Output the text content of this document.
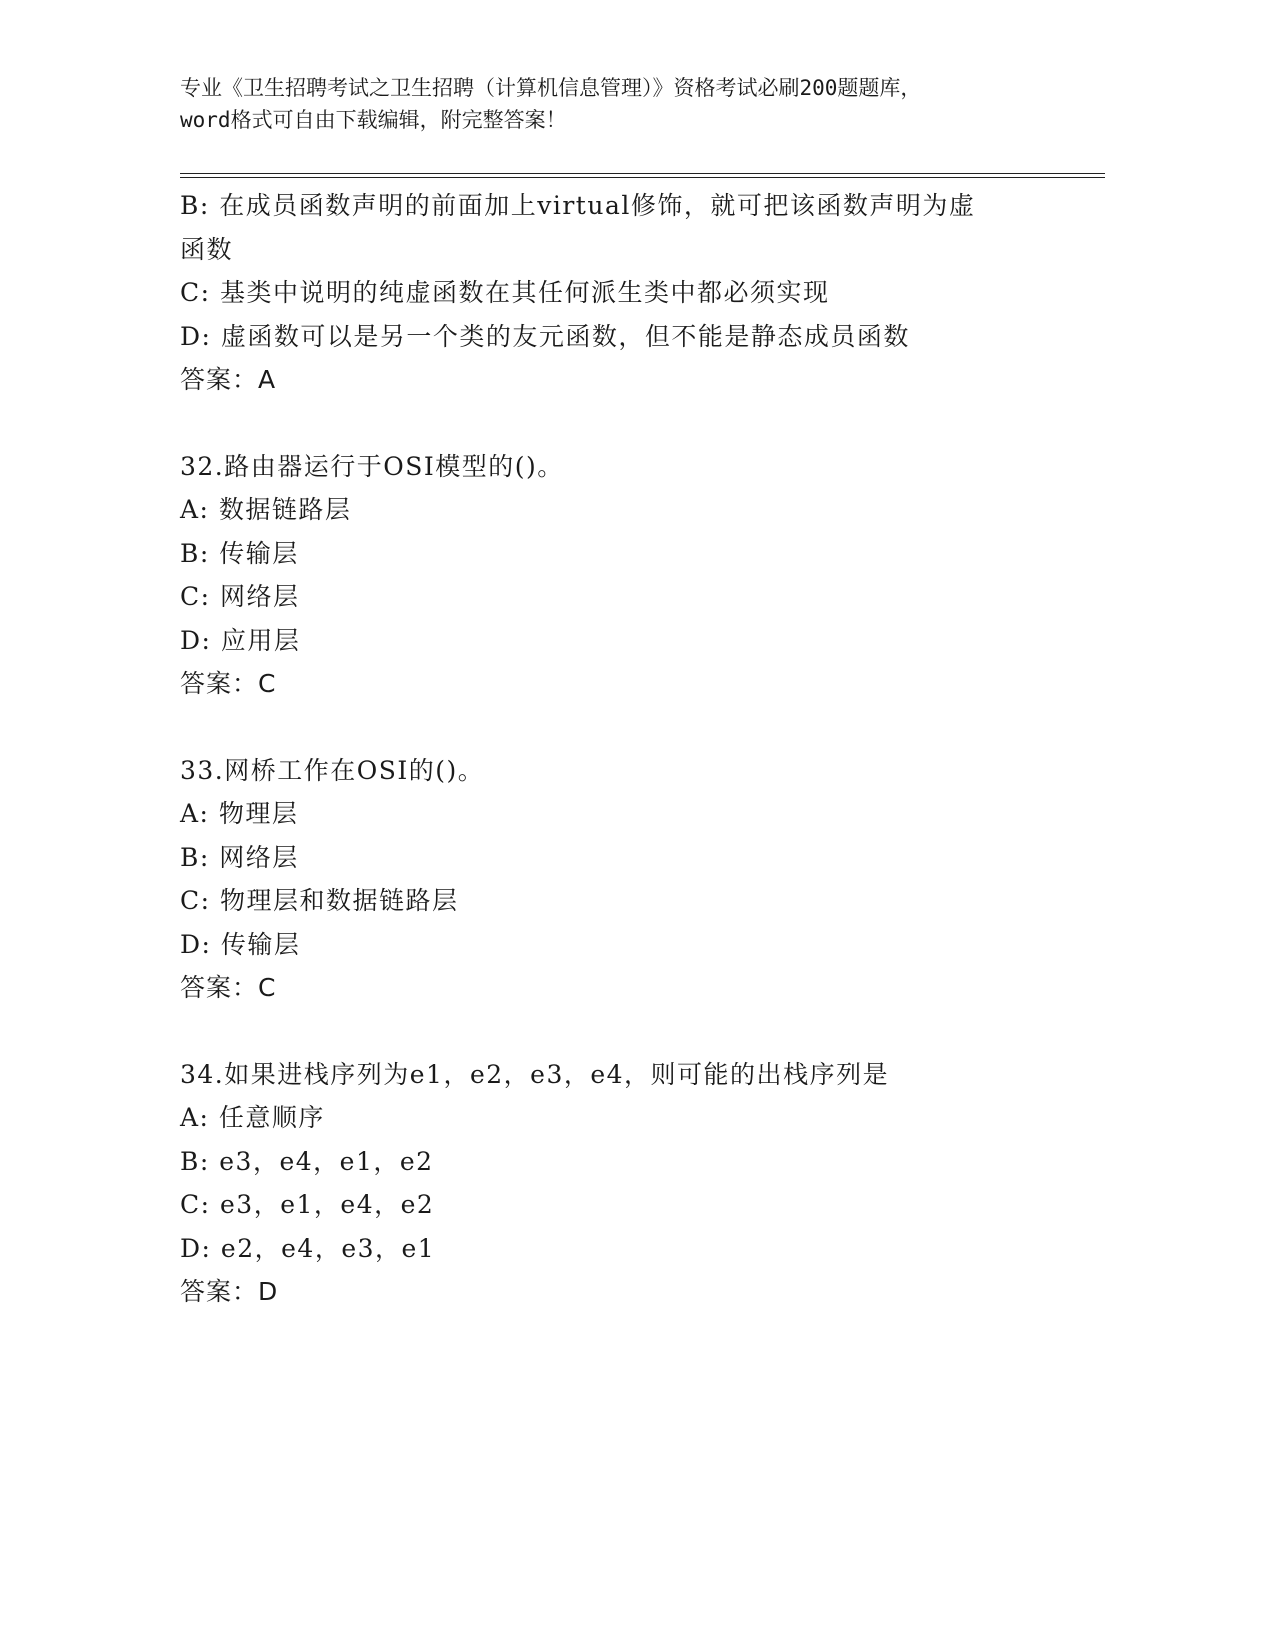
专业《卫生招聘考试之卫生招聘（计算机信息管理）》资格考试必刷200题题库，
word格式可自由下载编辑，附完整答案！
B: 在成员函数声明的前面加上virtual修饰，就可把该函数声明为虚
函数
C: 基类中说明的纯虚函数在其任何派生类中都必须实现
D: 虚函数可以是另一个类的友元函数，但不能是静态成员函数
答案：A
32.路由器运行于OSI模型的()。
A: 数据链路层
B: 传输层
C: 网络层
D: 应用层
答案：C
33.网桥工作在OSI的()。
A: 物理层
B: 网络层
C: 物理层和数据链路层
D: 传输层
答案：C
34.如果进栈序列为e1，e2，e3，e4，则可能的出栈序列是
A: 任意顺序
B: e3，e4，e1，e2
C: e3，e1，e4，e2
D: e2，e4，e3，e1
答案：D
